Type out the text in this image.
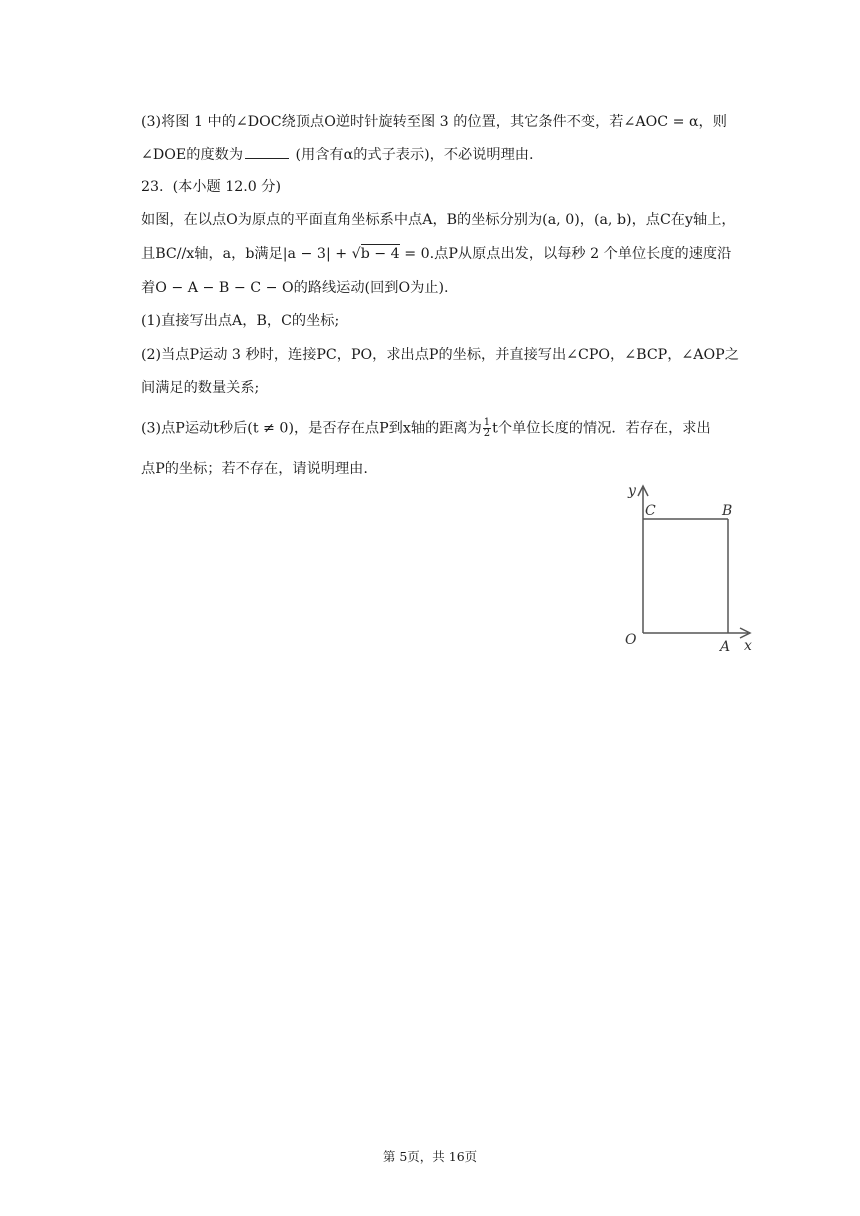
(3)将图 1 中的∠DOC绕顶点O逆时针旋转至图 3 的位置，其它条件不变，若∠AOC = α，则
∠DOE的度数为	(用含有α的式子表示)，不必说明理由.
23.  (本小题 12.0 分)
如图，在以点O为原点的平面直角坐标系中点A，B的坐标分别为(a, 0)，(a, b)，点C在y轴上，
且BC//x轴，a，b满足|a − 3| + √b − 4 = 0.点P从原点出发，以每秒 2 个单位长度的速度沿
着O − A − B − C − O的路线运动(回到O为止).
(1)直接写出点A，B，C的坐标;
(2)当点P运动 3 秒时，连接PC，PO，求出点P的坐标，并直接写出∠CPO，∠BCP，∠AOP之
间满足的数量关系;
(3)点P运动t秒后(t ≠ 0)，是否存在点P到x轴的距离为 $\frac{1}{2}$ t个单位长度的情况．若存在，求出
点P的坐标；若不存在，请说明理由.
y
C	B
O	A x
第 5页，共 16页
